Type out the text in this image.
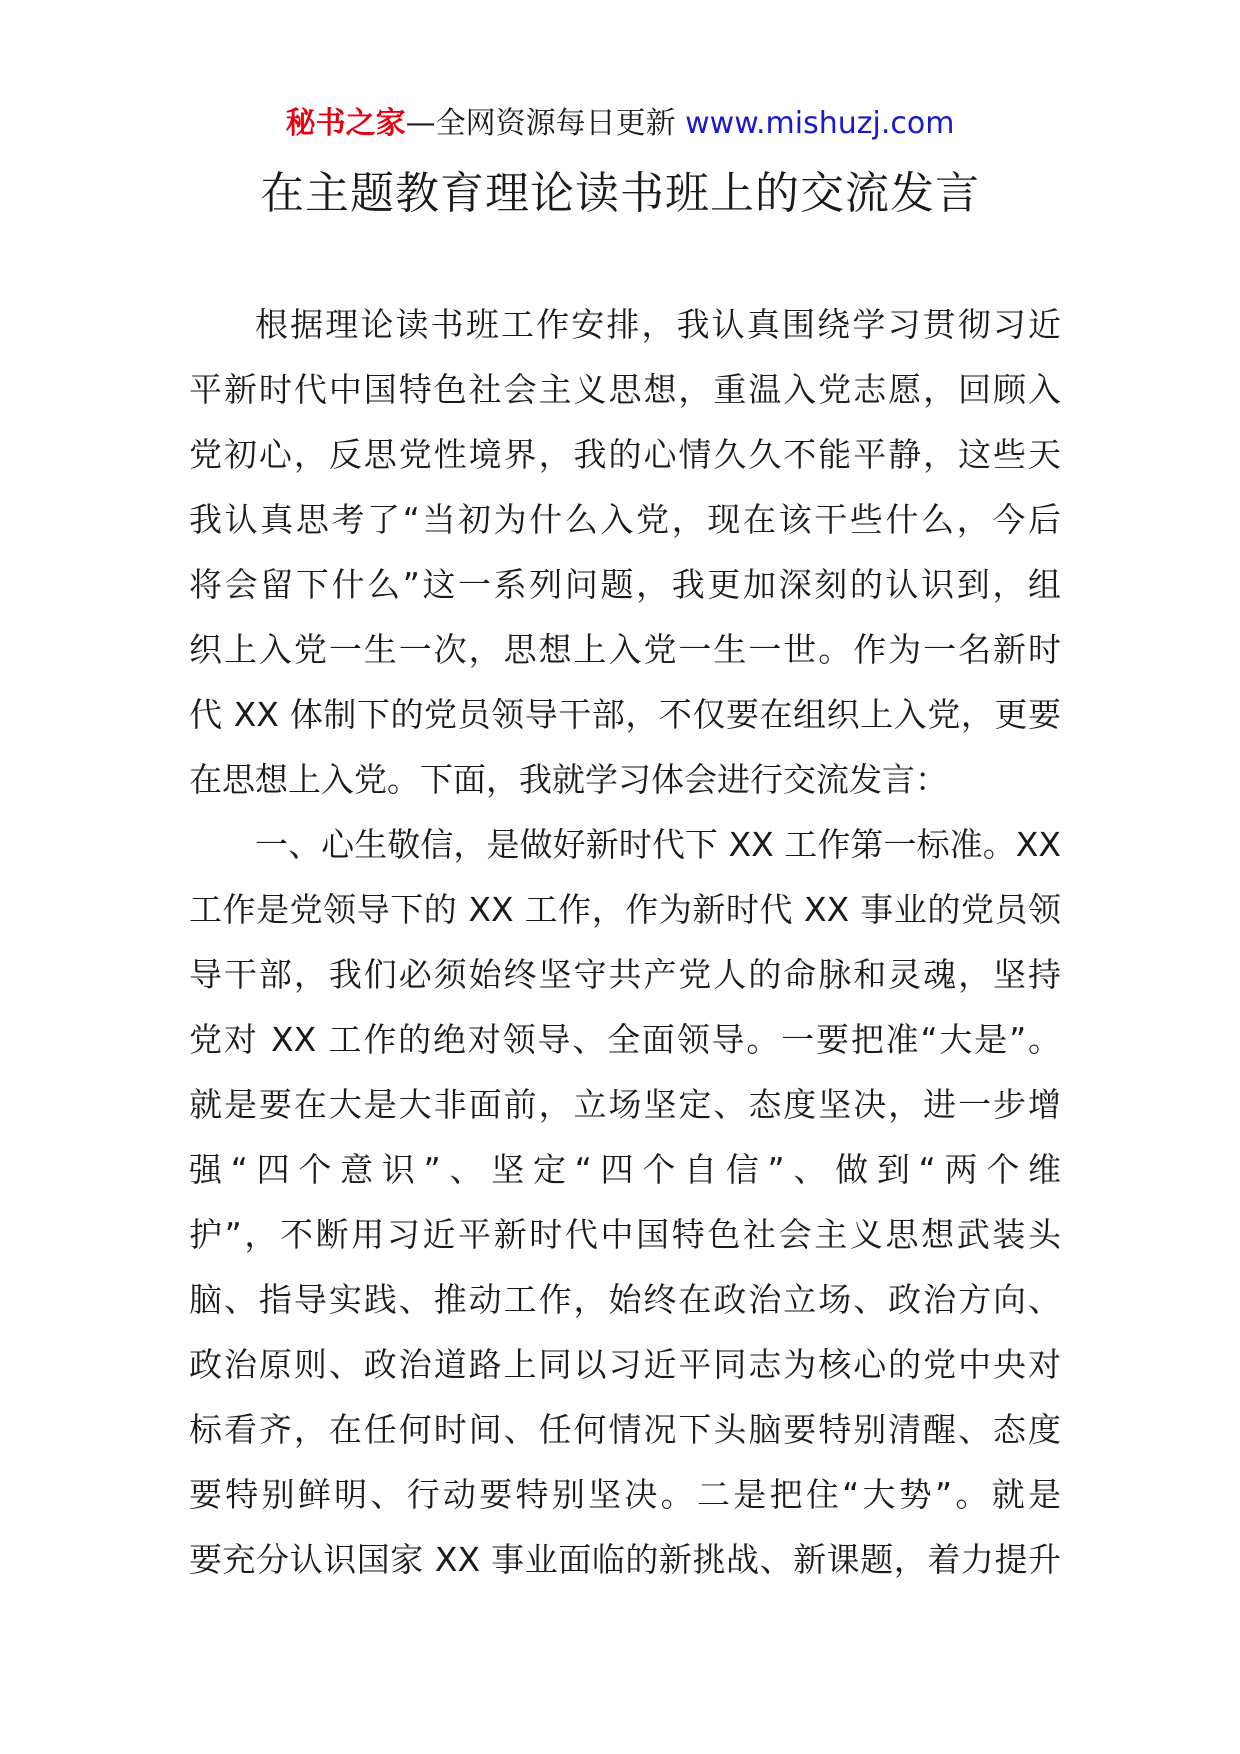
秘书之家—全网资源每日更新 www.mishuzj.com
在主题教育理论读书班上的交流发言
根据理论读书班工作安排，我认真围绕学习贯彻习近
平新时代中国特色社会主义思想，重温入党志愿，回顾入
党初心，反思党性境界，我的心情久久不能平静，这些天
我认真思考了“当初为什么入党，现在该干些什么，今后
将会留下什么”这一系列问题，我更加深刻的认识到，组
织上入党一生一次，思想上入党一生一世。作为一名新时
代 XX 体制下的党员领导干部，不仅要在组织上入党，更要
在思想上入党。下面，我就学习体会进行交流发言：
一、心生敬信，是做好新时代下 XX 工作第一标准。XX
工作是党领导下的 XX 工作，作为新时代 XX 事业的党员领
导干部，我们必须始终坚守共产党人的命脉和灵魂，坚持
党对 XX 工作的绝对领导、全面领导。一要把准“大是”。
就是要在大是大非面前，立场坚定、态度坚决，进一步增
强“四个意识”、坚定“四个自信”、做到“两个维
护”，不断用习近平新时代中国特色社会主义思想武装头
脑、指导实践、推动工作，始终在政治立场、政治方向、
政治原则、政治道路上同以习近平同志为核心的党中央对
标看齐，在任何时间、任何情况下头脑要特别清醒、态度
要特别鲜明、行动要特别坚决。二是把住“大势”。就是
要充分认识国家 XX 事业面临的新挑战、新课题，着力提升
